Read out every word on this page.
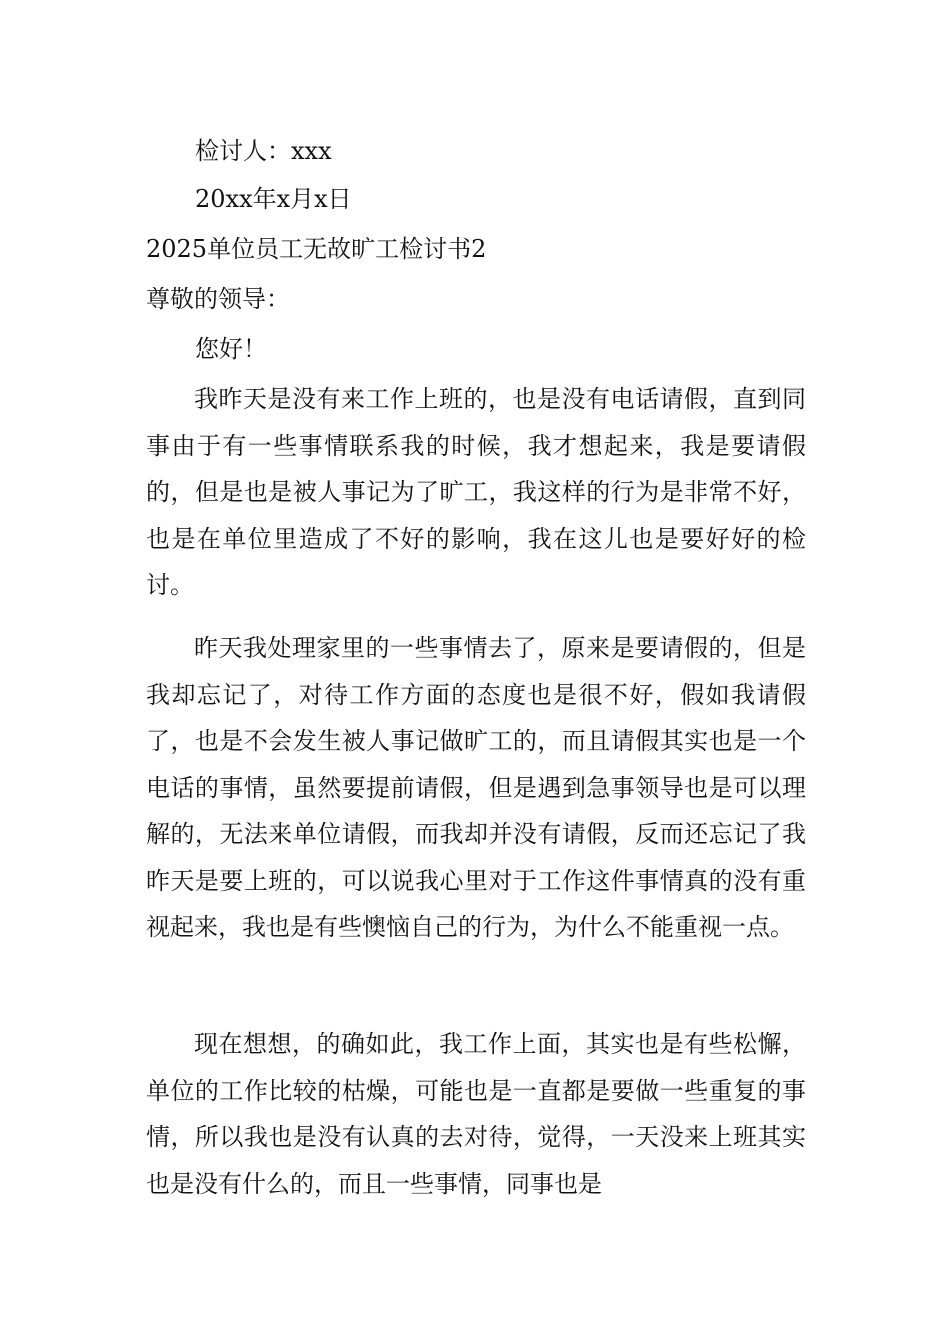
检讨人：xxx
20xx年x月x日
2025单位员工无故旷工检讨书2
尊敬的领导：
您好！

我昨天是没有来工作上班的，也是没有电话请假，直到同事由于有一些事情联系我的时候，我才想起来，我是要请假的，但是也是被人事记为了旷工，我这样的行为是非常不好，也是在单位里造成了不好的影响，我在这儿也是要好好的检讨。

昨天我处理家里的一些事情去了，原来是要请假的，但是我却忘记了，对待工作方面的态度也是很不好，假如我请假了，也是不会发生被人事记做旷工的，而且请假其实也是一个电话的事情，虽然要提前请假，但是遇到急事领导也是可以理解的，无法来单位请假，而我却并没有请假，反而还忘记了我昨天是要上班的，可以说我心里对于工作这件事情真的没有重视起来，我也是有些懊恼自己的行为，为什么不能重视一点。

现在想想，的确如此，我工作上面，其实也是有些松懈，单位的工作比较的枯燥，可能也是一直都是要做一些重复的事情，所以我也是没有认真的去对待，觉得，一天没来上班其实也是没有什么的，而且一些事情，同事也是
